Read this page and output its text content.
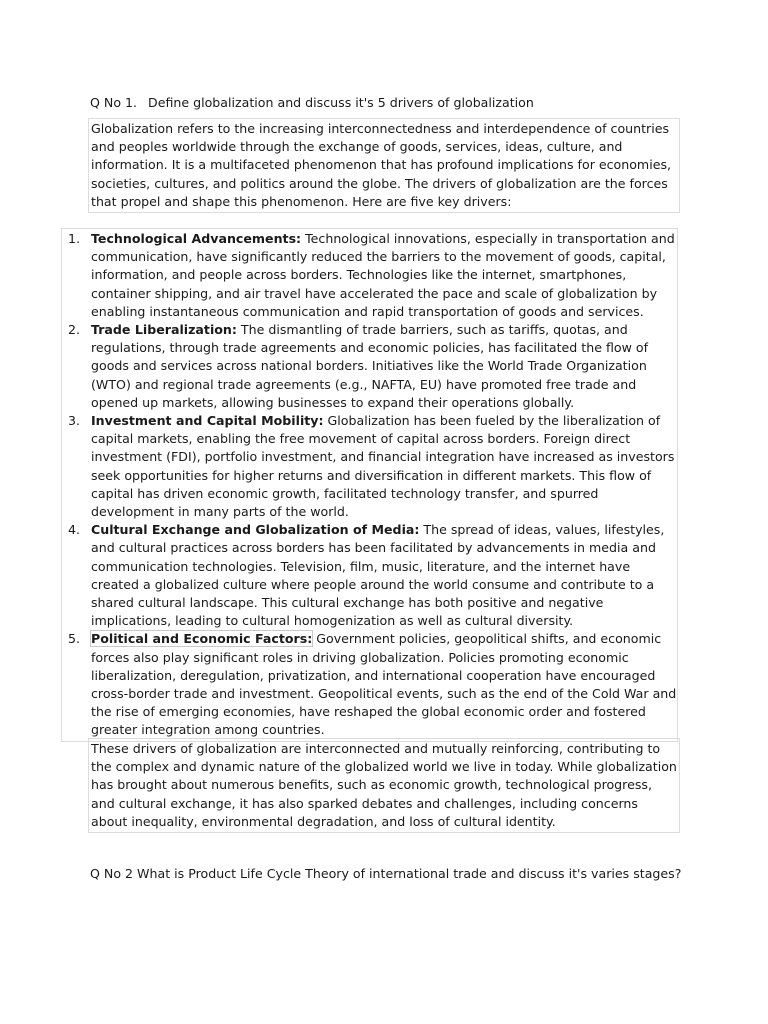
Q No 1. Define globalization and discuss it's 5 drivers of globalization
Globalization refers to the increasing interconnectedness and interdependence of countries and peoples worldwide through the exchange of goods, services, ideas, culture, and information. It is a multifaceted phenomenon that has profound implications for economies, societies, cultures, and politics around the globe. The drivers of globalization are the forces that propel and shape this phenomenon. Here are five key drivers:
1. Technological Advancements: Technological innovations, especially in transportation and communication, have significantly reduced the barriers to the movement of goods, capital, information, and people across borders. Technologies like the internet, smartphones, container shipping, and air travel have accelerated the pace and scale of globalization by enabling instantaneous communication and rapid transportation of goods and services.
2. Trade Liberalization: The dismantling of trade barriers, such as tariffs, quotas, and regulations, through trade agreements and economic policies, has facilitated the flow of goods and services across national borders. Initiatives like the World Trade Organization (WTO) and regional trade agreements (e.g., NAFTA, EU) have promoted free trade and opened up markets, allowing businesses to expand their operations globally.
3. Investment and Capital Mobility: Globalization has been fueled by the liberalization of capital markets, enabling the free movement of capital across borders. Foreign direct investment (FDI), portfolio investment, and financial integration have increased as investors seek opportunities for higher returns and diversification in different markets. This flow of capital has driven economic growth, facilitated technology transfer, and spurred development in many parts of the world.
4. Cultural Exchange and Globalization of Media: The spread of ideas, values, lifestyles, and cultural practices across borders has been facilitated by advancements in media and communication technologies. Television, film, music, literature, and the internet have created a globalized culture where people around the world consume and contribute to a shared cultural landscape. This cultural exchange has both positive and negative implications, leading to cultural homogenization as well as cultural diversity.
5. Political and Economic Factors: Government policies, geopolitical shifts, and economic forces also play significant roles in driving globalization. Policies promoting economic liberalization, deregulation, privatization, and international cooperation have encouraged cross-border trade and investment. Geopolitical events, such as the end of the Cold War and the rise of emerging economies, have reshaped the global economic order and fostered greater integration among countries.
These drivers of globalization are interconnected and mutually reinforcing, contributing to the complex and dynamic nature of the globalized world we live in today. While globalization has brought about numerous benefits, such as economic growth, technological progress, and cultural exchange, it has also sparked debates and challenges, including concerns about inequality, environmental degradation, and loss of cultural identity.
Q No 2 What is Product Life Cycle Theory of international trade and discuss it's varies stages?
